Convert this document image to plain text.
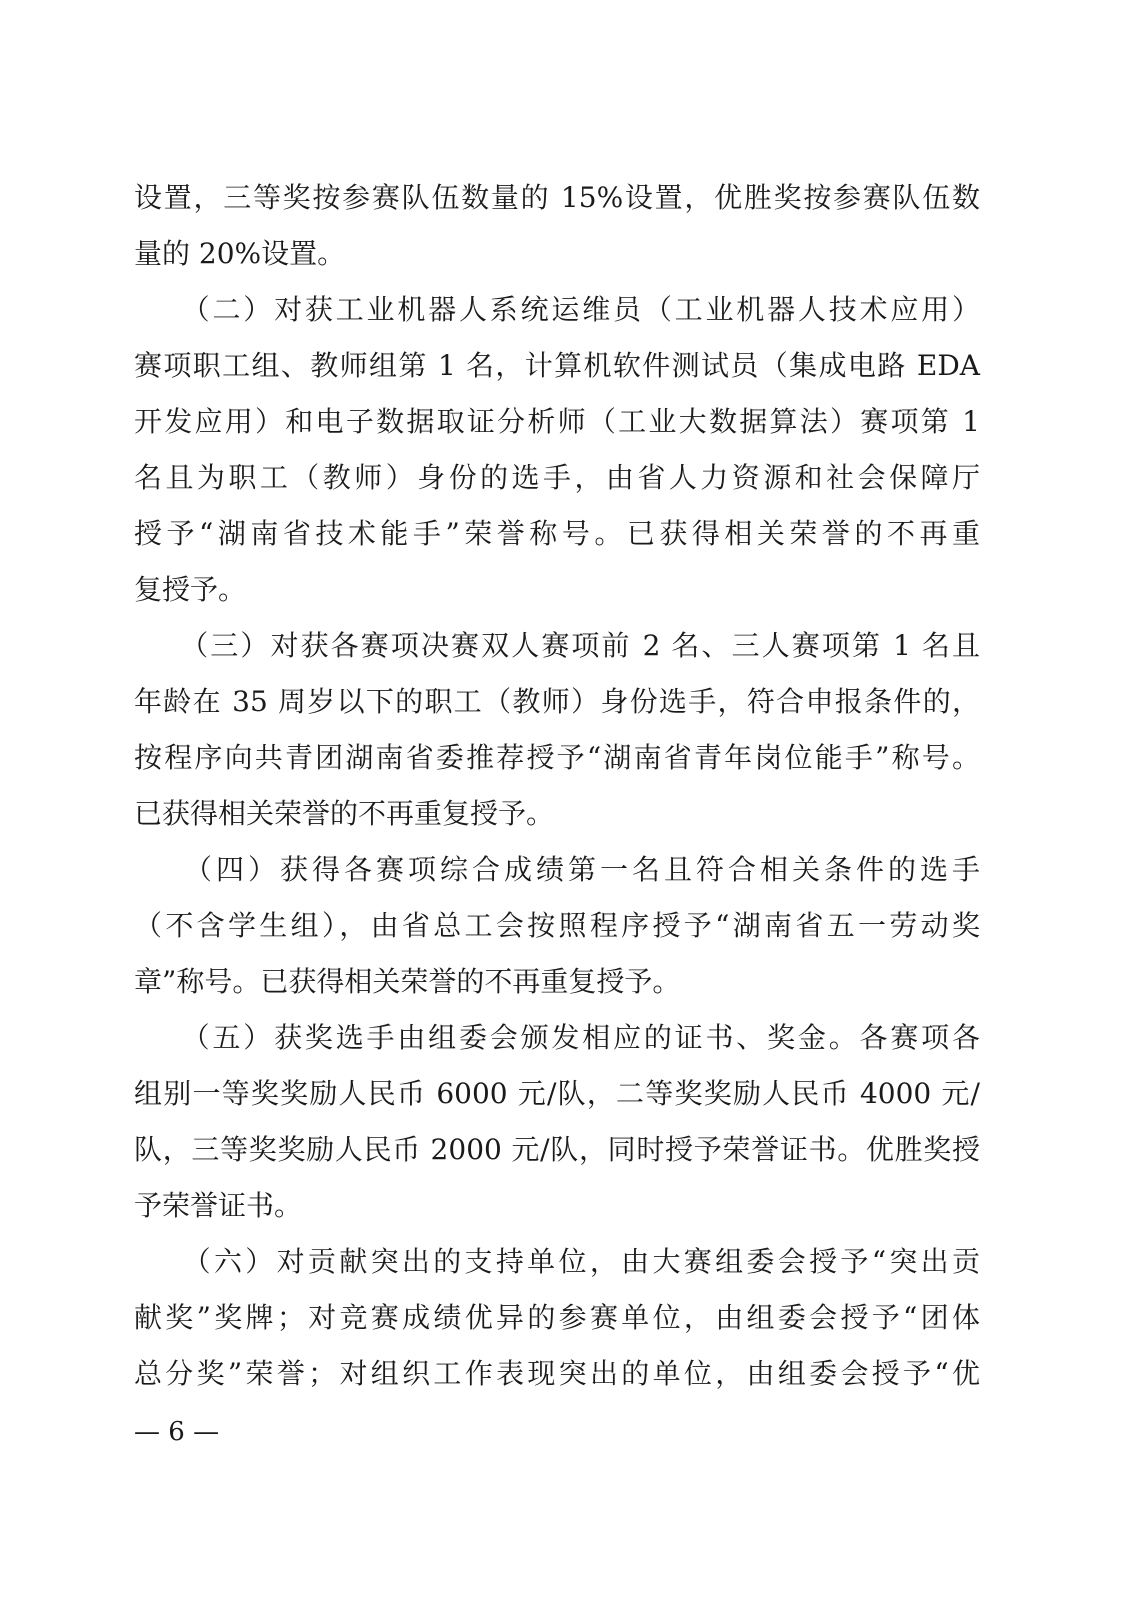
设置，三等奖按参赛队伍数量的 15%设置，优胜奖按参赛队伍数
量的 20%设置。
　　（二）对获工业机器人系统运维员（工业机器人技术应用）
赛项职工组、教师组第 1 名，计算机软件测试员（集成电路 EDA
开发应用）和电子数据取证分析师（工业大数据算法）赛项第 1
名且为职工（教师）身份的选手，由省人力资源和社会保障厅
授予“湖南省技术能手”荣誉称号。已获得相关荣誉的不再重
复授予。
　　（三）对获各赛项决赛双人赛项前 2 名、三人赛项第 1 名且
年龄在 35 周岁以下的职工（教师）身份选手，符合申报条件的，
按程序向共青团湖南省委推荐授予“湖南省青年岗位能手”称号。
已获得相关荣誉的不再重复授予。
　　（四）获得各赛项综合成绩第一名且符合相关条件的选手
（不含学生组），由省总工会按照程序授予“湖南省五一劳动奖
章”称号。已获得相关荣誉的不再重复授予。
　　（五）获奖选手由组委会颁发相应的证书、奖金。各赛项各
组别一等奖奖励人民币 6000 元/队，二等奖奖励人民币 4000 元/
队，三等奖奖励人民币 2000 元/队，同时授予荣誉证书。优胜奖授
予荣誉证书。
　　（六）对贡献突出的支持单位，由大赛组委会授予“突出贡
献奖”奖牌；对竞赛成绩优异的参赛单位，由组委会授予“团体
总分奖”荣誉；对组织工作表现突出的单位，由组委会授予“优
— 6 —
